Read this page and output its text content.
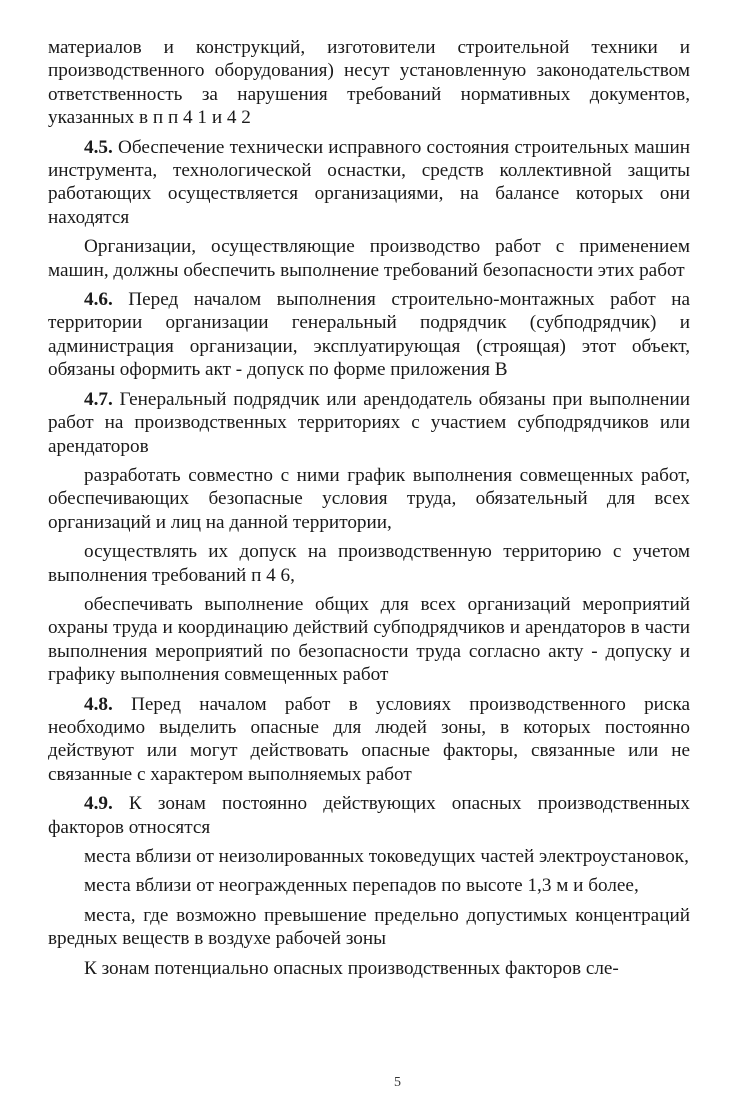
материалов и конструкций, изготовители строительной техники и производственного оборудования) несут установленную законодательством ответственность за нарушения требований нормативных документов, указанных в п п 4 1 и 4 2

4.5. Обеспечение технически исправного состояния строительных машин инструмента, технологической оснастки, средств коллективной защиты работающих осуществляется организациями, на балансе которых они находятся

Организации, осуществляющие производство работ с применением машин, должны обеспечить выполнение требований безопасности этих работ

4.6. Перед началом выполнения строительно-монтажных работ на территории организации генеральный подрядчик (субподрядчик) и администрация организации, эксплуатирующая (строящая) этот объект, обязаны оформить акт - допуск по форме приложения В

4.7. Генеральный подрядчик или арендодатель обязаны при выполнении работ на производственных территориях с участием субподрядчиков или арендаторов

разработать совместно с ними график выполнения совмещенных работ, обеспечивающих безопасные условия труда, обязательный для всех организаций и лиц на данной территории,

осуществлять их допуск на производственную территорию с учетом выполнения требований п 4 6,

обеспечивать выполнение общих для всех организаций мероприятий охраны труда и координацию действий субподрядчиков и арендаторов в части выполнения мероприятий по безопасности труда согласно акту - допуску и графику выполнения совмещенных работ

4.8. Перед началом работ в условиях производственного риска необходимо выделить опасные для людей зоны, в которых постоянно действуют или могут действовать опасные факторы, связанные или не связанные с характером выполняемых работ

4.9. К зонам постоянно действующих опасных производственных факторов относятся

места вблизи от неизолированных токоведущих частей электроустановок,

места вблизи от неогражденных перепадов по высоте 1,3 м и более,

места, где возможно превышение предельно допустимых концентраций вредных веществ в воздухе рабочей зоны

К зонам потенциально опасных производственных факторов сле-

5
